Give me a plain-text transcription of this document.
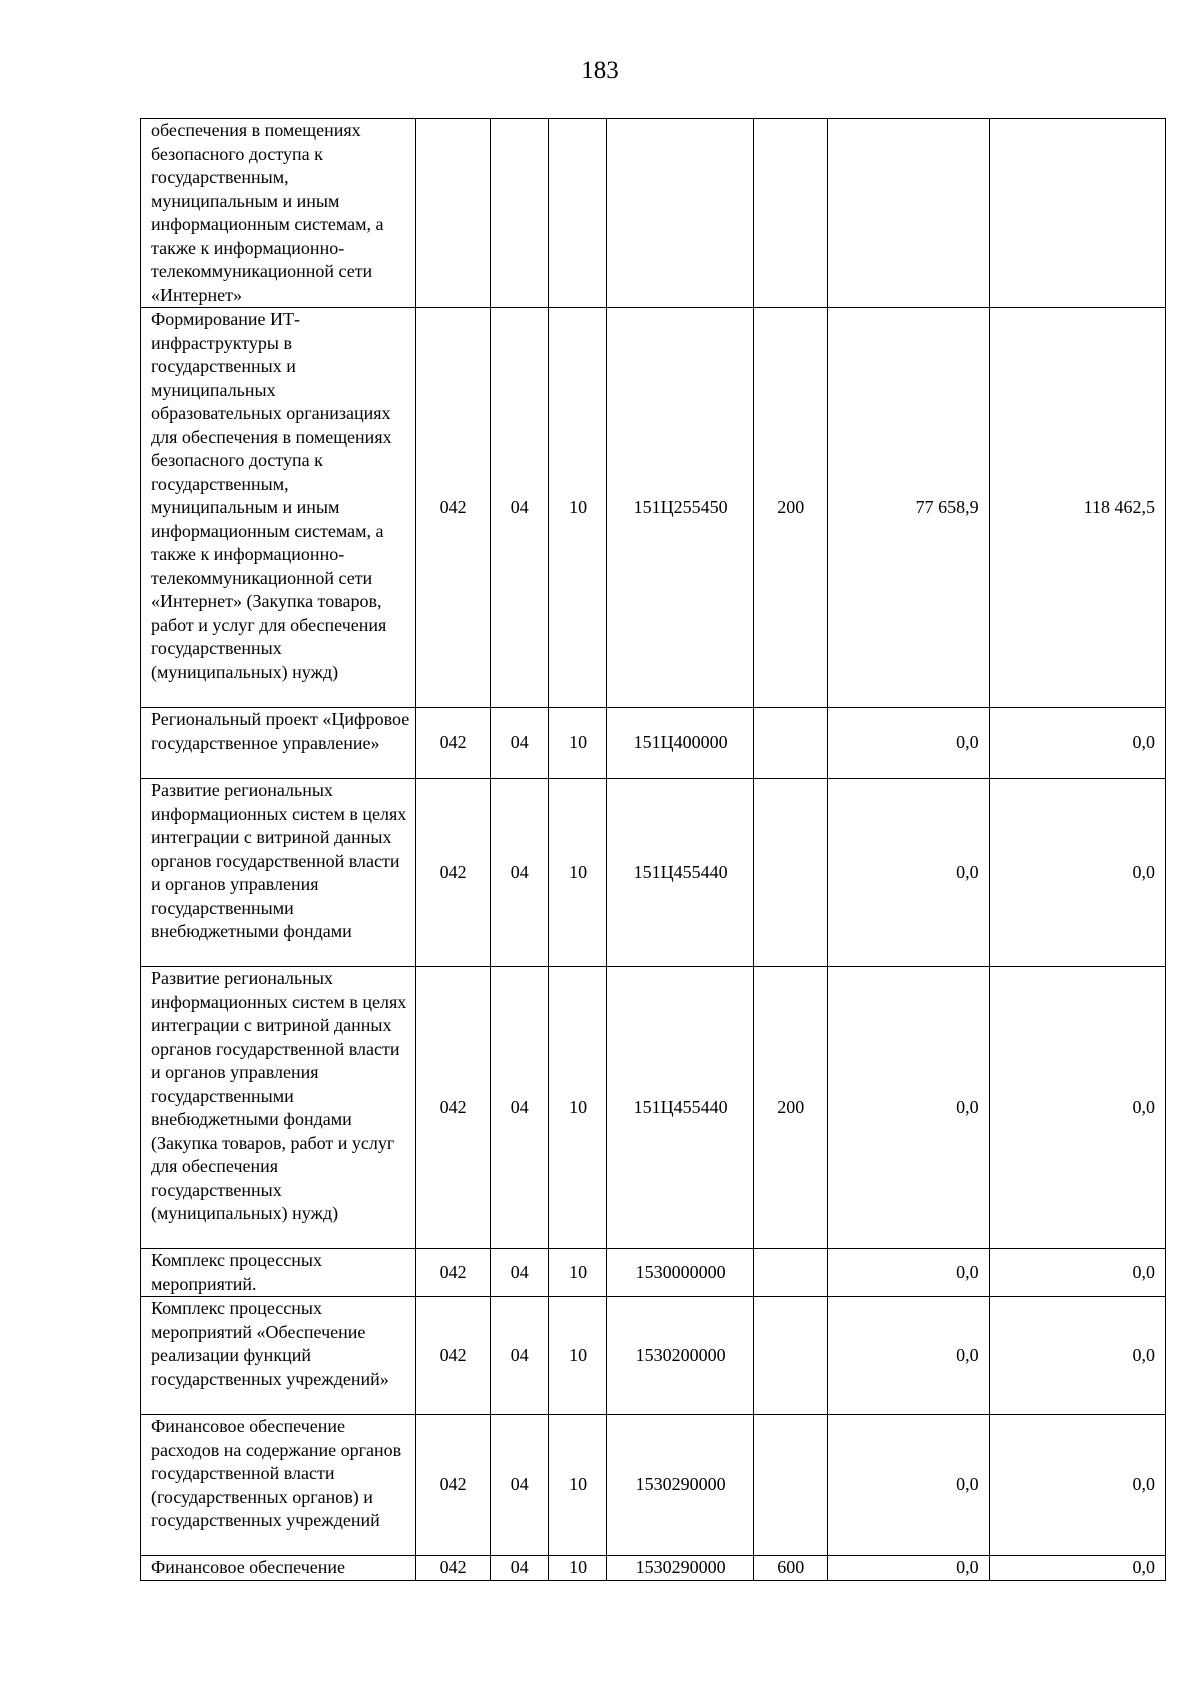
183
обеспечения в помещениях безопасного доступа к государственным, муниципальным и иным информационным системам, а также к информационно-телекоммуникационной сети «Интернет»							
Формирование ИТ-инфраструктуры в государственных и муниципальных образовательных организациях для обеспечения в помещениях безопасного доступа к государственным, муниципальным и иным информационным системам, а также к информационно-телекоммуникационной сети «Интернет» (Закупка товаров, работ и услуг для обеспечения государственных (муниципальных) нужд)	042	04	10	151Ц255450	200	77 658,9	118 462,5
Региональный проект «Цифровое государственное управление»	042	04	10	151Ц400000		0,0	0,0
Развитие региональных информационных систем в целях интеграции с витриной данных органов государственной власти и органов управления государственными внебюджетными фондами	042	04	10	151Ц455440		0,0	0,0
Развитие региональных информационных систем в целях интеграции с витриной данных органов государственной власти и органов управления государственными внебюджетными фондами (Закупка товаров, работ и услуг для обеспечения государственных (муниципальных) нужд)	042	04	10	151Ц455440	200	0,0	0,0
Комплекс процессных мероприятий.	042	04	10	1530000000		0,0	0,0
Комплекс процессных мероприятий «Обеспечение реализации функций государственных учреждений»	042	04	10	1530200000		0,0	0,0
Финансовое обеспечение расходов на содержание органов государственной власти (государственных органов) и государственных учреждений	042	04	10	1530290000		0,0	0,0
Финансовое обеспечение	042	04	10	1530290000	600	0,0	0,0
